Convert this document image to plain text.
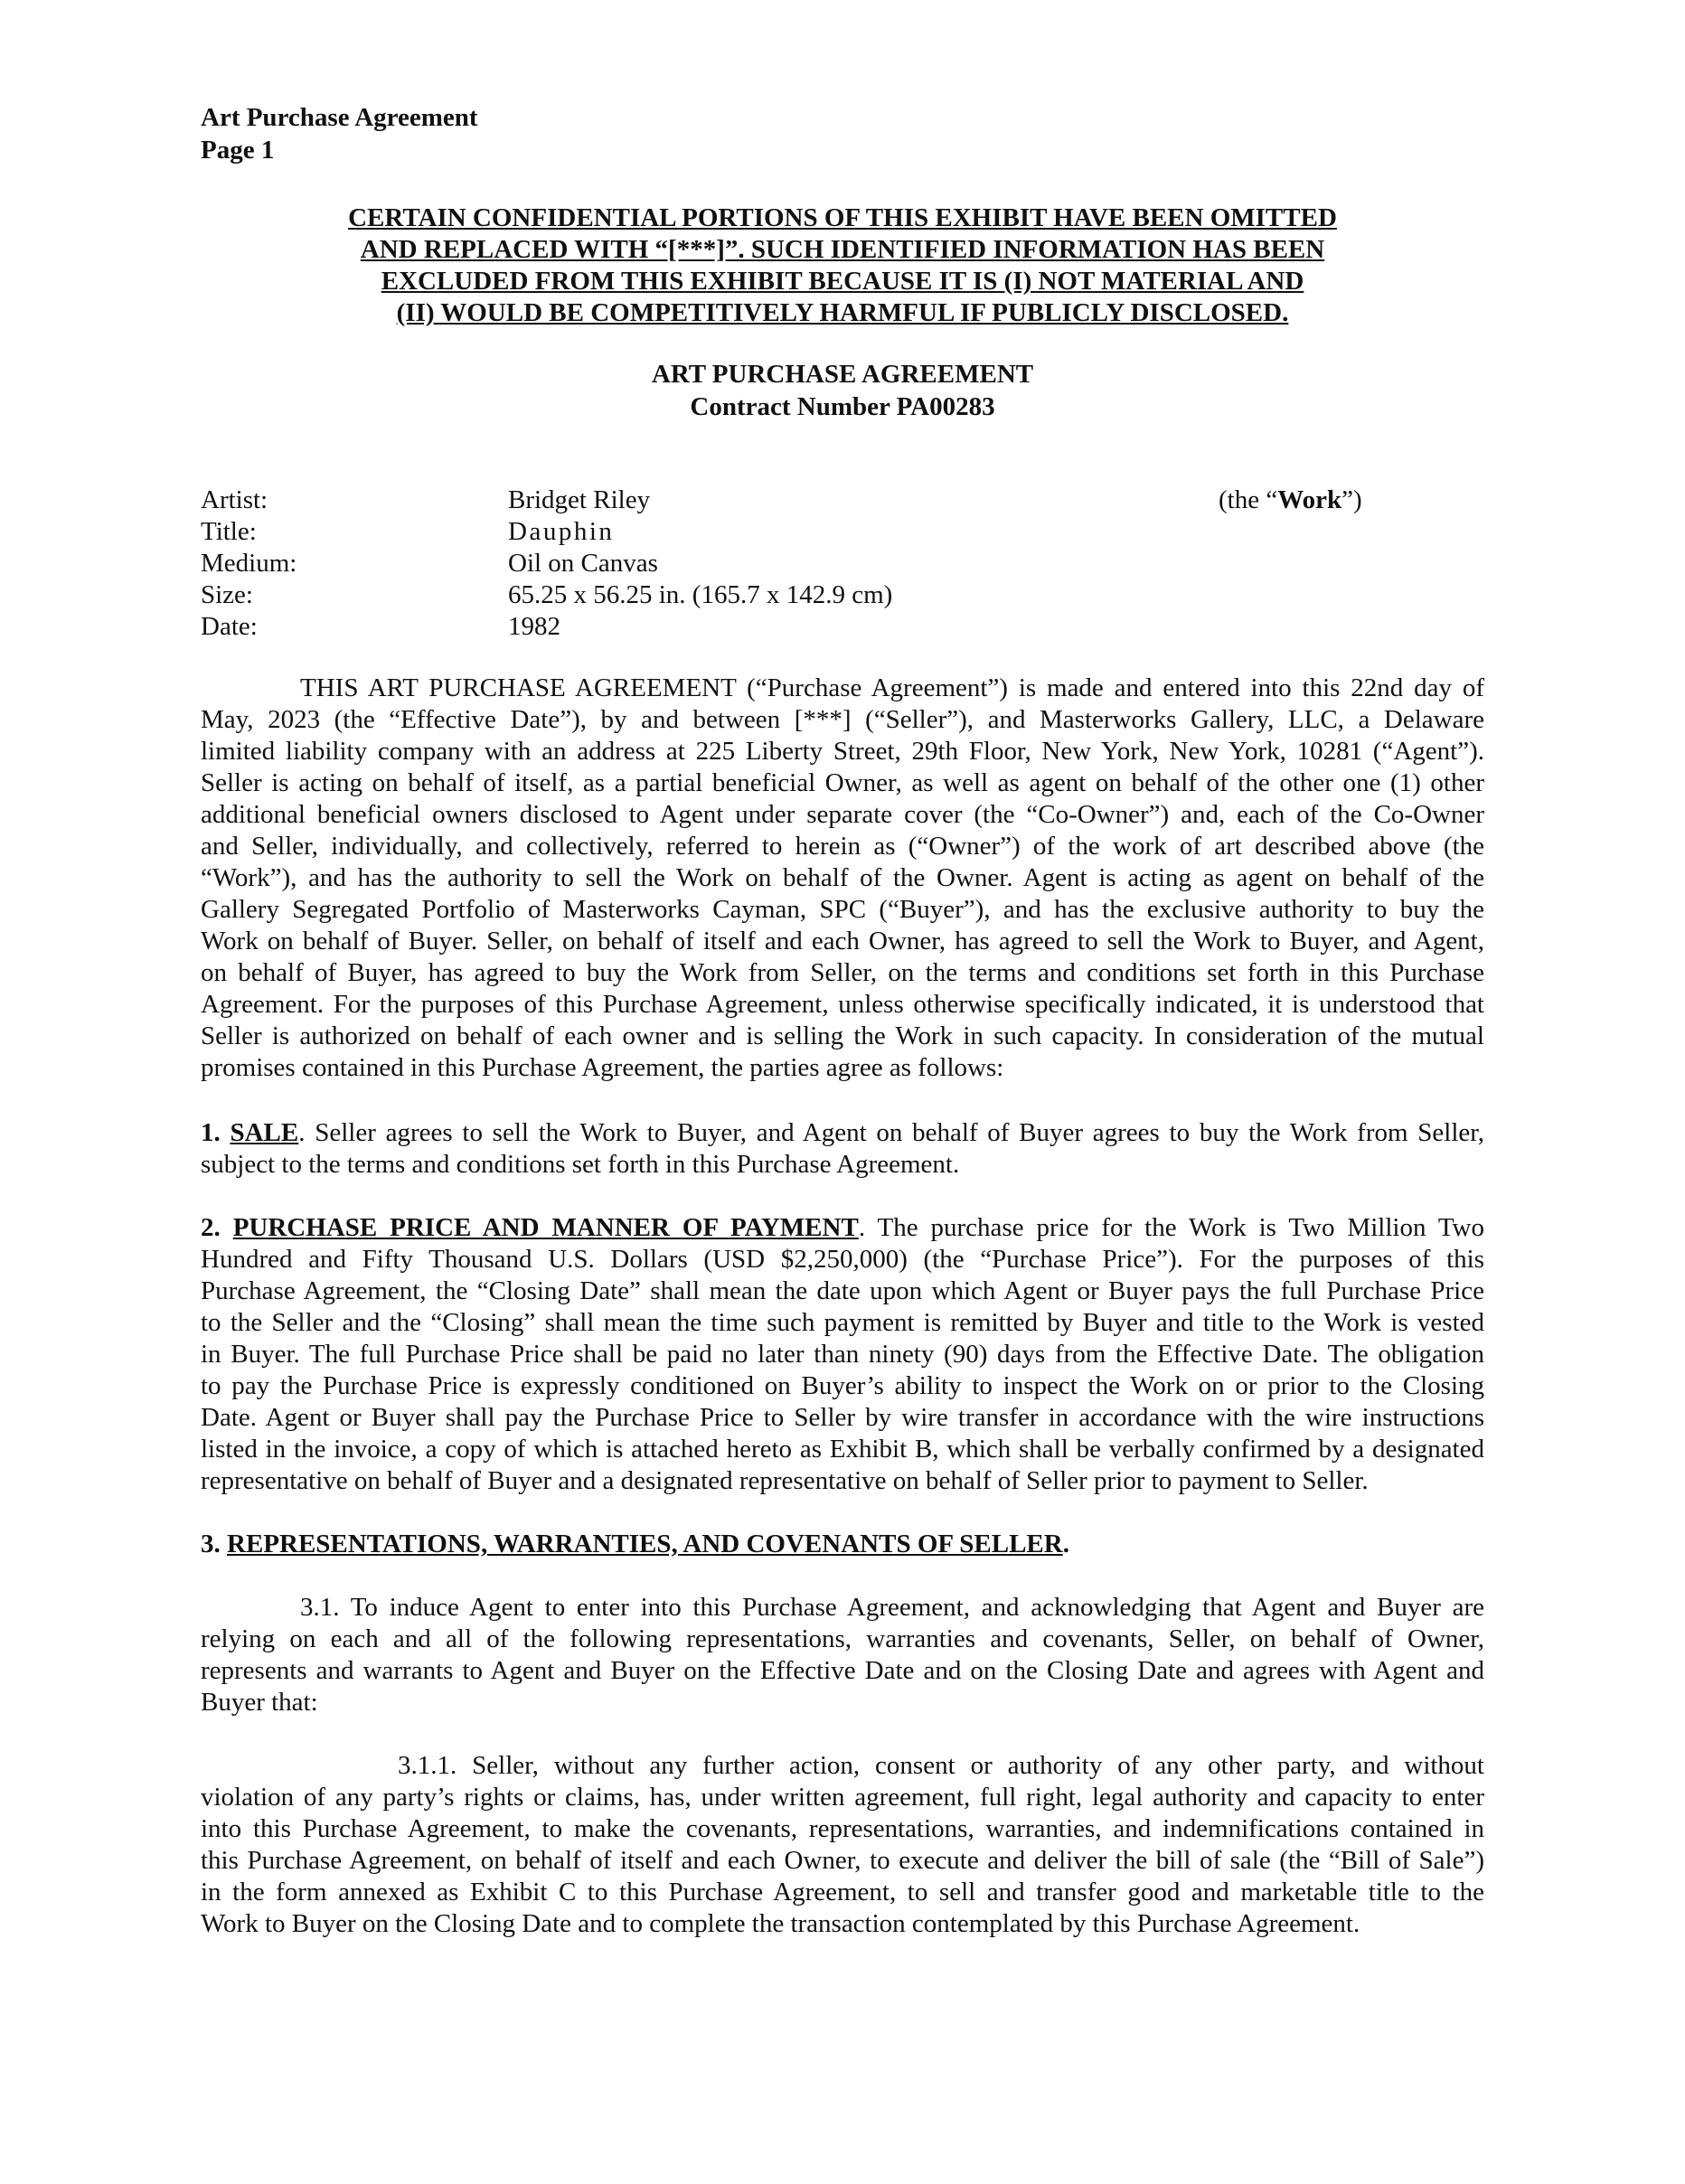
Art Purchase Agreement
Page 1
CERTAIN CONFIDENTIAL PORTIONS OF THIS EXHIBIT HAVE BEEN OMITTED
AND REPLACED WITH “[***]”. SUCH IDENTIFIED INFORMATION HAS BEEN
EXCLUDED FROM THIS EXHIBIT BECAUSE IT IS (I) NOT MATERIAL AND
(II) WOULD BE COMPETITIVELY HARMFUL IF PUBLICLY DISCLOSED.
ART PURCHASE AGREEMENT
Contract Number PA00283
Artist:	Bridget Riley
Title:	Dauphin
Medium:	Oil on Canvas
Size:	65.25 x 56.25 in. (165.7 x 142.9 cm)
Date:	1982
(the “Work”)
THIS ART PURCHASE AGREEMENT (“Purchase Agreement”) is made and entered into this 22nd day of
May, 2023 (the “Effective Date”), by and between [***] (“Seller”), and Masterworks Gallery, LLC, a Delaware
limited liability company with an address at 225 Liberty Street, 29th Floor, New York, New York, 10281 (“Agent”).
Seller is acting on behalf of itself, as a partial beneficial Owner, as well as agent on behalf of the other one (1) other
additional beneficial owners disclosed to Agent under separate cover (the “Co-Owner”) and, each of the Co-Owner
and Seller, individually, and collectively, referred to herein as (“Owner”) of the work of art described above (the
“Work”), and has the authority to sell the Work on behalf of the Owner. Agent is acting as agent on behalf of the
Gallery Segregated Portfolio of Masterworks Cayman, SPC (“Buyer”), and has the exclusive authority to buy the
Work on behalf of Buyer. Seller, on behalf of itself and each Owner, has agreed to sell the Work to Buyer, and Agent,
on behalf of Buyer, has agreed to buy the Work from Seller, on the terms and conditions set forth in this Purchase
Agreement. For the purposes of this Purchase Agreement, unless otherwise specifically indicated, it is understood that
Seller is authorized on behalf of each owner and is selling the Work in such capacity. In consideration of the mutual
promises contained in this Purchase Agreement, the parties agree as follows:
1. SALE. Seller agrees to sell the Work to Buyer, and Agent on behalf of Buyer agrees to buy the Work from Seller,
subject to the terms and conditions set forth in this Purchase Agreement.
2. PURCHASE PRICE AND MANNER OF PAYMENT. The purchase price for the Work is Two Million Two
Hundred and Fifty Thousand U.S. Dollars (USD $2,250,000) (the “Purchase Price”). For the purposes of this
Purchase Agreement, the “Closing Date” shall mean the date upon which Agent or Buyer pays the full Purchase Price
to the Seller and the “Closing” shall mean the time such payment is remitted by Buyer and title to the Work is vested
in Buyer. The full Purchase Price shall be paid no later than ninety (90) days from the Effective Date. The obligation
to pay the Purchase Price is expressly conditioned on Buyer’s ability to inspect the Work on or prior to the Closing
Date. Agent or Buyer shall pay the Purchase Price to Seller by wire transfer in accordance with the wire instructions
listed in the invoice, a copy of which is attached hereto as Exhibit B, which shall be verbally confirmed by a designated
representative on behalf of Buyer and a designated representative on behalf of Seller prior to payment to Seller.
3. REPRESENTATIONS, WARRANTIES, AND COVENANTS OF SELLER.
3.1. To induce Agent to enter into this Purchase Agreement, and acknowledging that Agent and Buyer are
relying on each and all of the following representations, warranties and covenants, Seller, on behalf of Owner,
represents and warrants to Agent and Buyer on the Effective Date and on the Closing Date and agrees with Agent and
Buyer that:
3.1.1. Seller, without any further action, consent or authority of any other party, and without
violation of any party’s rights or claims, has, under written agreement, full right, legal authority and capacity to enter
into this Purchase Agreement, to make the covenants, representations, warranties, and indemnifications contained in
this Purchase Agreement, on behalf of itself and each Owner, to execute and deliver the bill of sale (the “Bill of Sale”)
in the form annexed as Exhibit C to this Purchase Agreement, to sell and transfer good and marketable title to the
Work to Buyer on the Closing Date and to complete the transaction contemplated by this Purchase Agreement.
